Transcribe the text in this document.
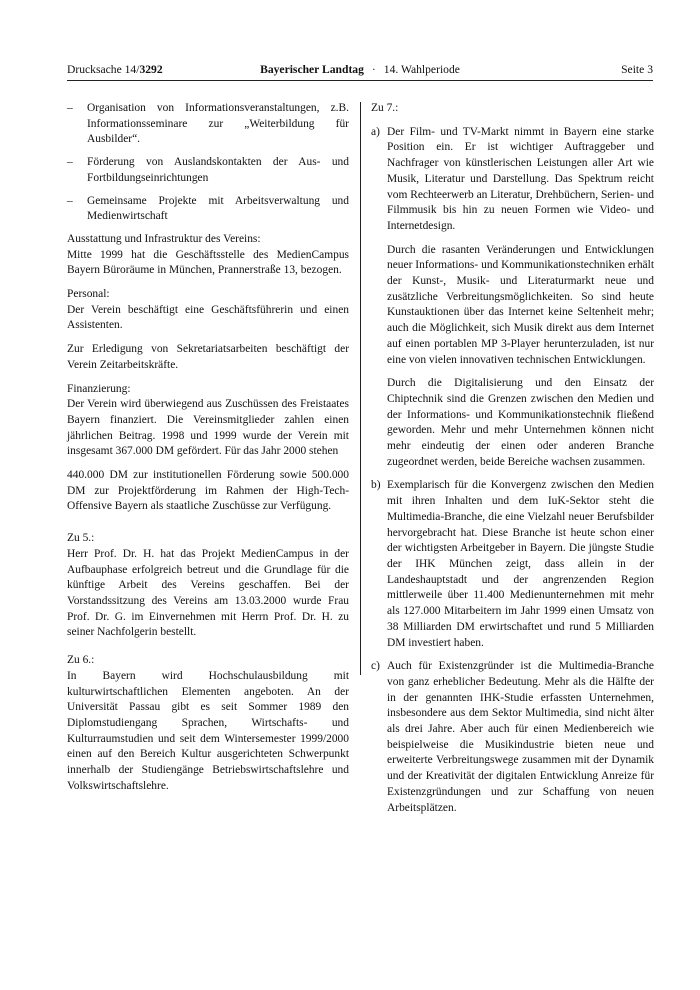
Drucksache 14/3292	Bayerischer Landtag · 14. Wahlperiode	Seite 3
– Organisation von Informationsveranstaltungen, z.B. Informationsseminare zur „Weiterbildung für Ausbilder“.
– Förderung von Auslandskontakten der Aus- und Fortbildungseinrichtungen
– Gemeinsame Projekte mit Arbeitsverwaltung und Medienwirtschaft
Ausstattung und Infrastruktur des Vereins:
Mitte 1999 hat die Geschäftsstelle des MedienCampus Bayern Büroräume in München, Prannerstraße 13, bezogen.
Personal:
Der Verein beschäftigt eine Geschäftsführerin und einen Assistenten.
Zur Erledigung von Sekretariatsarbeiten beschäftigt der Verein Zeitarbeitskräfte.
Finanzierung:
Der Verein wird überwiegend aus Zuschüssen des Freistaates Bayern finanziert. Die Vereinsmitglieder zahlen einen jährlichen Beitrag. 1998 und 1999 wurde der Verein mit insgesamt 367.000 DM gefördert. Für das Jahr 2000 stehen
440.000 DM zur institutionellen Förderung sowie 500.000 DM zur Projektförderung im Rahmen der High-Tech-Offensive Bayern als staatliche Zuschüsse zur Verfügung.
Zu 5.:
Herr Prof. Dr. H. hat das Projekt MedienCampus in der Aufbauphase erfolgreich betreut und die Grundlage für die künftige Arbeit des Vereins geschaffen. Bei der Vorstandssitzung des Vereins am 13.03.2000 wurde Frau Prof. Dr. G. im Einvernehmen mit Herrn Prof. Dr. H. zu seiner Nachfolgerin bestellt.
Zu 6.:
In Bayern wird Hochschulausbildung mit kulturwirtschaftlichen Elementen angeboten. An der Universität Passau gibt es seit Sommer 1989 den Diplomstudiengang Sprachen, Wirtschafts- und Kulturraumstudien und seit dem Wintersemester 1999/2000 einen auf den Bereich Kultur ausgerichteten Schwerpunkt innerhalb der Studiengänge Betriebswirtschaftslehre und Volkswirtschaftslehre.
Zu 7.:
a) Der Film- und TV-Markt nimmt in Bayern eine starke Position ein. Er ist wichtiger Auftraggeber und Nachfrager von künstlerischen Leistungen aller Art wie Musik, Literatur und Darstellung. Das Spektrum reicht vom Rechteerwerb an Literatur, Drehbüchern, Serien- und Filmmusik bis hin zu neuen Formen wie Video- und Internetdesign.
Durch die rasanten Veränderungen und Entwicklungen neuer Informations- und Kommunikationstechniken erhält der Kunst-, Musik- und Literaturmarkt neue und zusätzliche Verbreitungsmöglichkeiten. So sind heute Kunstauktionen über das Internet keine Seltenheit mehr; auch die Möglichkeit, sich Musik direkt aus dem Internet auf einen portablen MP 3-Player herunterzuladen, ist nur eine von vielen innovativen technischen Entwicklungen.
Durch die Digitalisierung und den Einsatz der Chiptechnik sind die Grenzen zwischen den Medien und der Informations- und Kommunikationstechnik fließend geworden. Mehr und mehr Unternehmen können nicht mehr eindeutig der einen oder anderen Branche zugeordnet werden, beide Bereiche wachsen zusammen.
b) Exemplarisch für die Konvergenz zwischen den Medien mit ihren Inhalten und dem IuK-Sektor steht die Multimedia-Branche, die eine Vielzahl neuer Berufsbilder hervorgebracht hat. Diese Branche ist heute schon einer der wichtigsten Arbeitgeber in Bayern. Die jüngste Studie der IHK München zeigt, dass allein in der Landeshauptstadt und der angrenzenden Region mittlerweile über 11.400 Medienunternehmen mit mehr als 127.000 Mitarbeitern im Jahr 1999 einen Umsatz von 38 Milliarden DM erwirtschaftet und rund 5 Milliarden DM investiert haben.
c) Auch für Existenzgründer ist die Multimedia-Branche von ganz erheblicher Bedeutung. Mehr als die Hälfte der in der genannten IHK-Studie erfassten Unternehmen, insbesondere aus dem Sektor Multimedia, sind nicht älter als drei Jahre. Aber auch für einen Medienbereich wie beispielweise die Musikindustrie bieten neue und erweiterte Verbreitungswege zusammen mit der Dynamik und der Kreativität der digitalen Entwicklung Anreize für Existenzgründungen und zur Schaffung von neuen Arbeitsplätzen.
